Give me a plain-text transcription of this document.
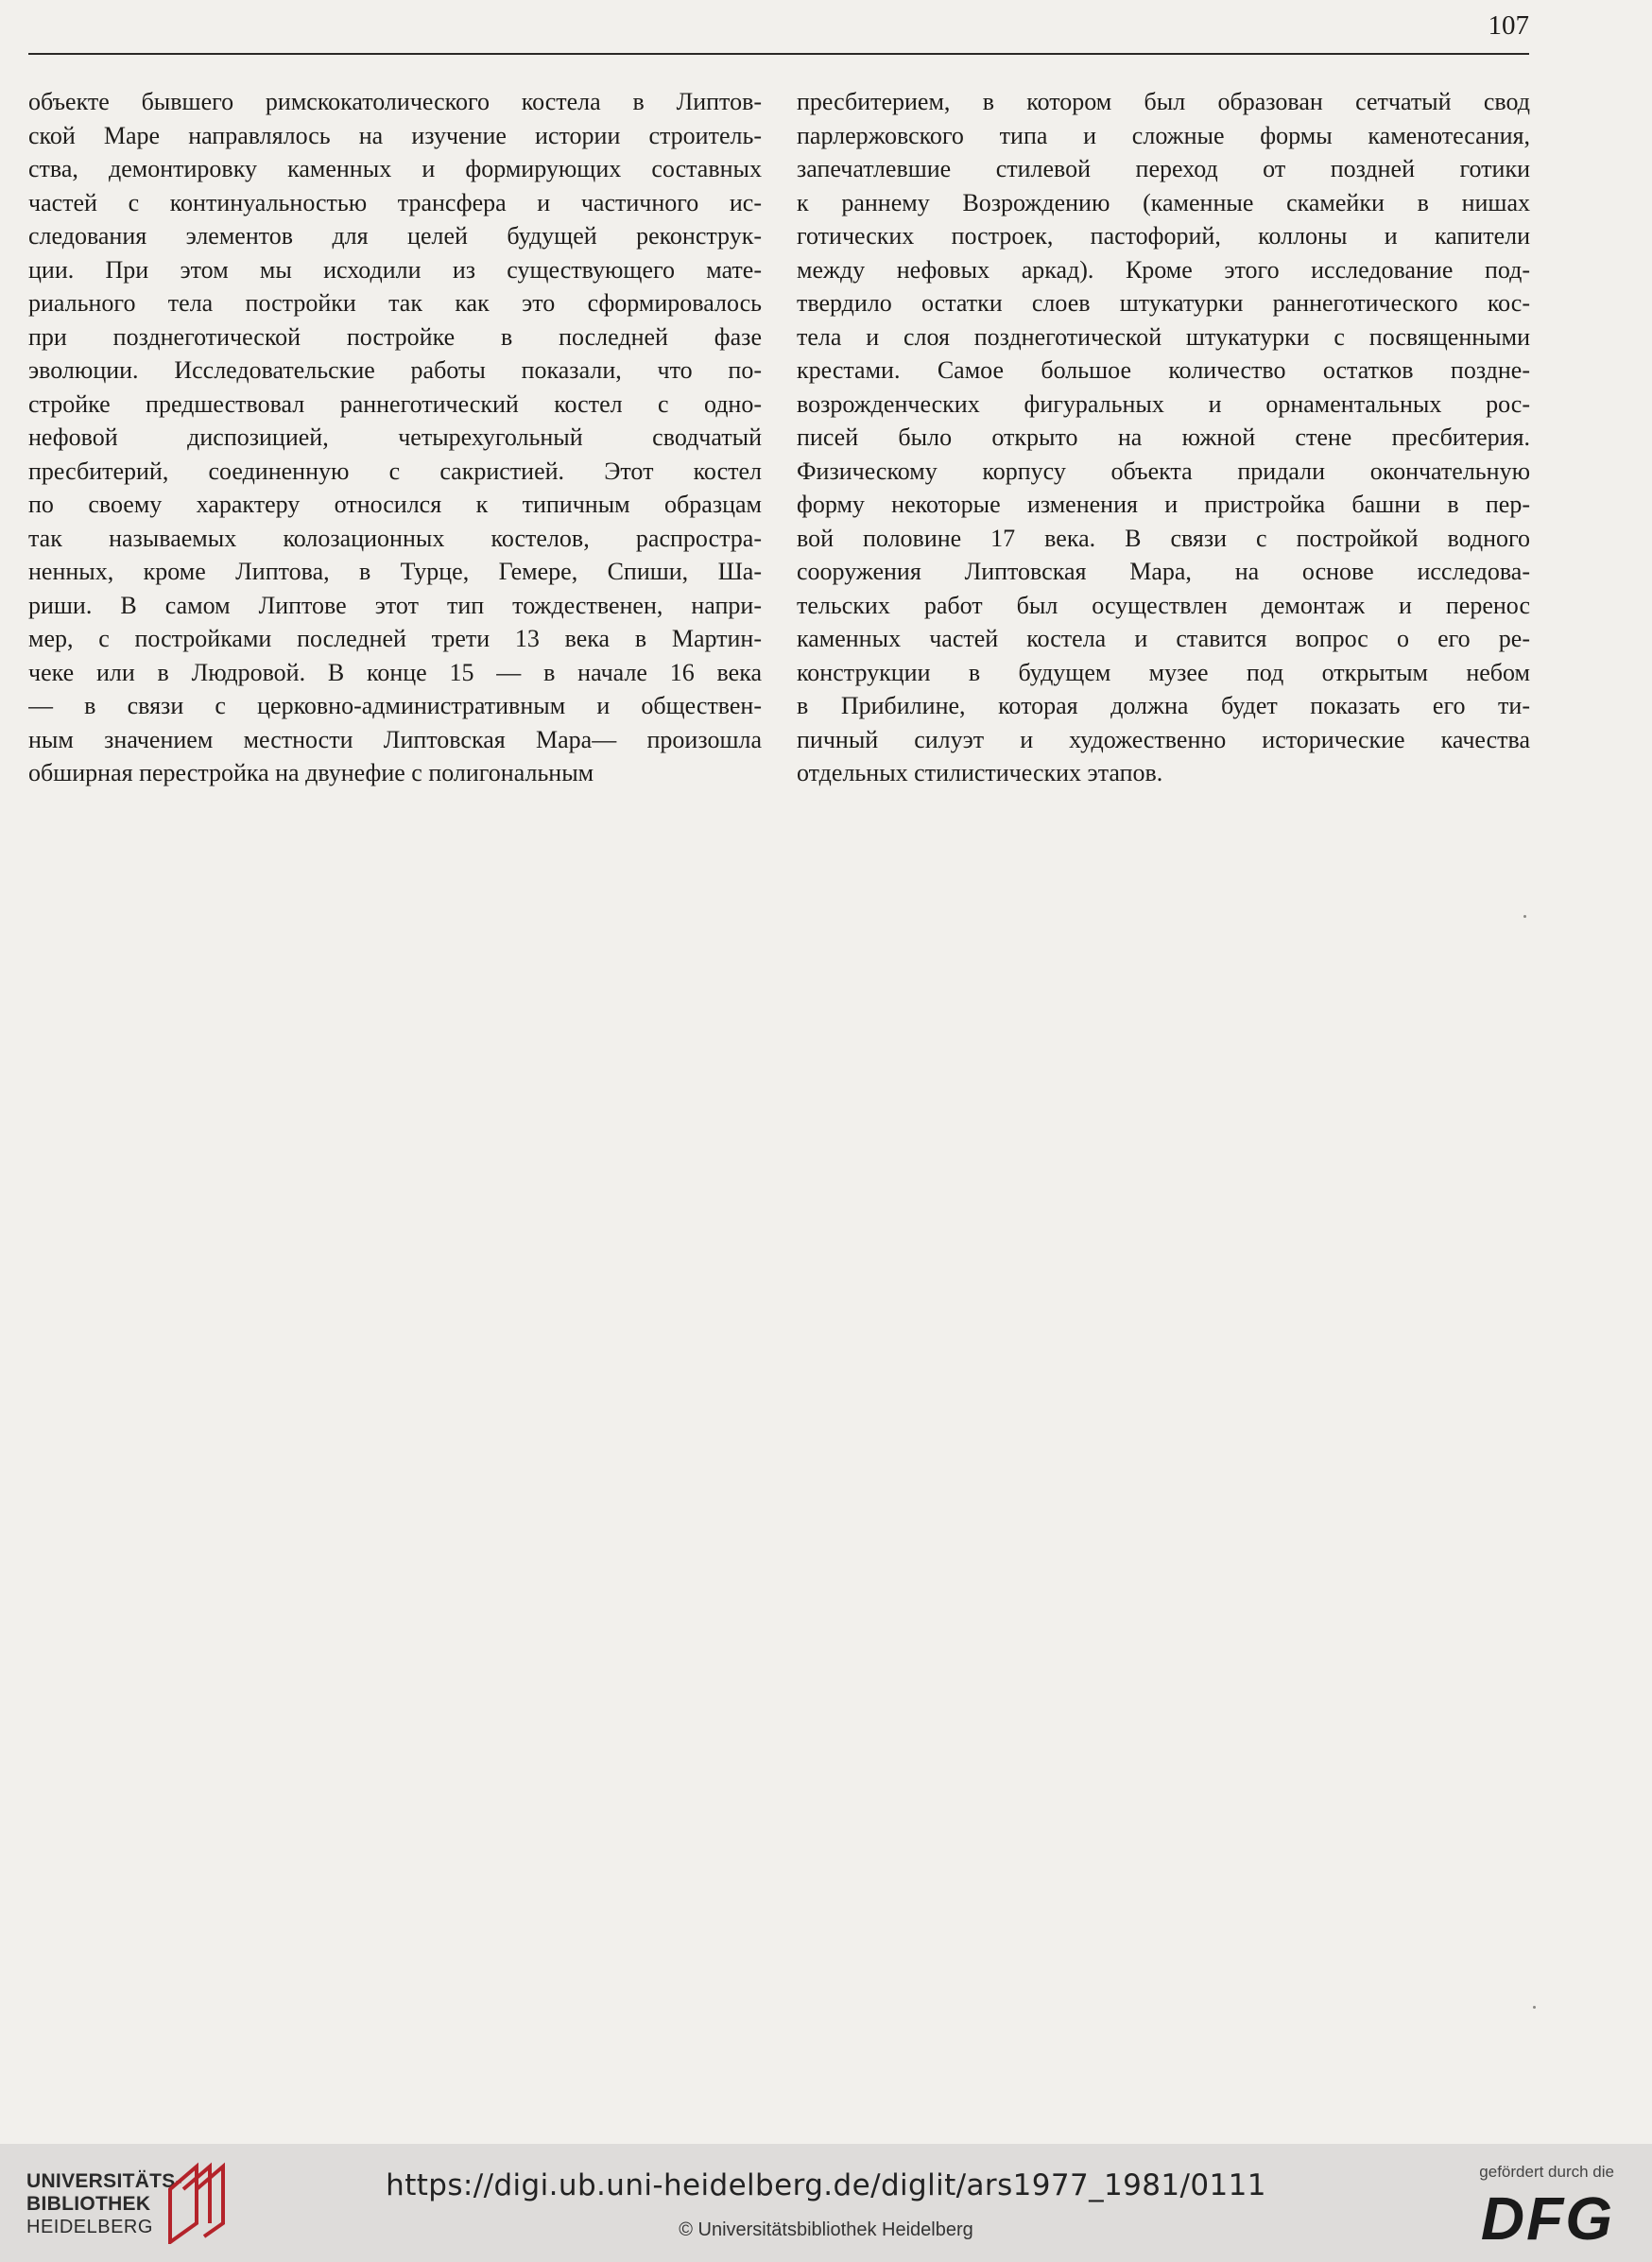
107
объекте бывшего римскокатолического костела в Липтов-
ской Маре направлялось на изучение истории строитель-
ства, демонтировку каменных и формирующих составных
частей с континуальностью трансфера и частичного ис-
следования элементов для целей будущей реконструк-
ции. При этом мы исходили из существующего мате-
риального тела постройки так как это сформировалось
при позднеготической постройке в последней фазе
эволюции. Исследовательские работы показали, что по-
стройке предшествовал раннеготический костел с одно-
нефовой диспозицией, четырехугольный сводчатый
пресбитерий, соединенную с сакристией. Этот костел
по своему характеру относился к типичным образцам
так называемых колозационных костелов, распростра-
ненных, кроме Липтова, в Турце, Гемере, Спиши, Ша-
риши. В самом Липтове этот тип тождественен, напри-
мер, с постройками последней трети 13 века в Мартин-
чеке или в Людровой. В конце 15 — в начале 16 века
— в связи с церковно-административным и обществен-
ным значением местности Липтовская Мара— произошла
обширная перестройка на двунефие с полигональным
пресбитерием, в котором был образован сетчатый свод
парлержовского типа и сложные формы каменотесания,
запечатлевшие стилевой переход от поздней готики
к раннему Возрождению (каменные скамейки в нишах
готических построек, пастофорий, коллоны и капители
между нефовых аркад). Кроме этого исследование под-
твердило остатки слоев штукатурки раннеготического кос-
тела и слоя позднеготической штукатурки с посвященными
крестами. Самое большое количество остатков поздне-
возрожденческих фигуральных и орнаментальных рос-
писей было открыто на южной стене пресбитерия.
Физическому корпусу объекта придали окончательную
форму некоторые изменения и пристройка башни в пер-
вой половине 17 века. В связи с постройкой водного
сооружения Липтовская Мара, на основе исследова-
тельских работ был осуществлен демонтаж и перенос
каменных частей костела и ставится вопрос о его ре-
конструкции в будущем музее под открытым небом
в Прибилине, которая должна будет показать его ти-
пичный силуэт и художественно исторические качества
отдельных стилистических этапов.
UNIVERSITÄTS-
BIBLIOTHEK
HEIDELBERG
https://digi.ub.uni-heidelberg.de/diglit/ars1977_1981/0111
© Universitätsbibliothek Heidelberg
gefördert durch die
DFG
